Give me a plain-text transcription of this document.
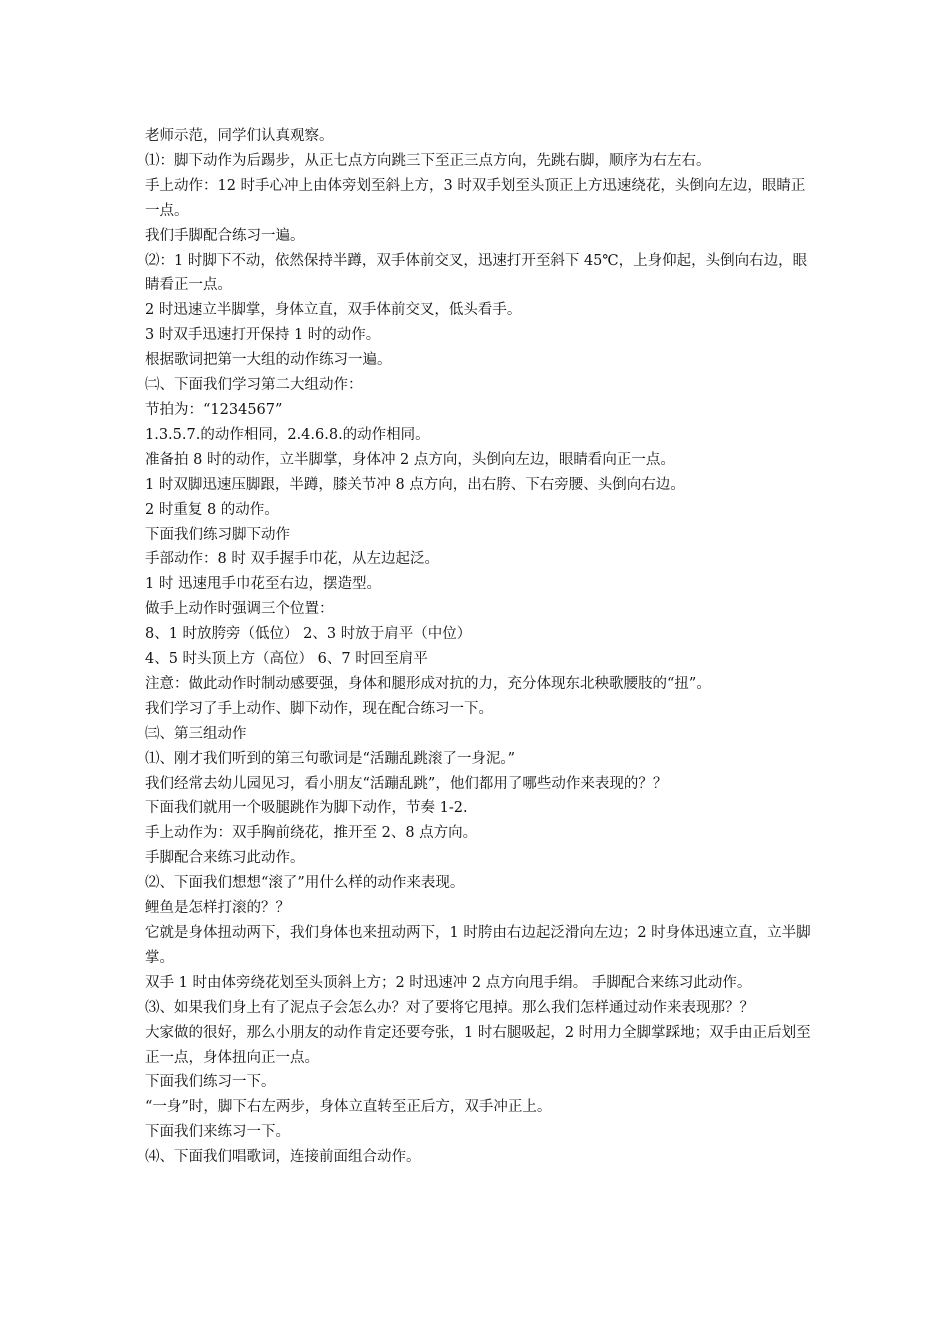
老师示范，同学们认真观察。

⑴：脚下动作为后踢步，从正七点方向跳三下至正三点方向，先跳右脚，顺序为右左右。

手上动作：12 时手心冲上由体旁划至斜上方，3 时双手划至头顶正上方迅速绕花，头倒向左边，眼睛正一点。

我们手脚配合练习一遍。

⑵：1 时脚下不动，依然保持半蹲，双手体前交叉，迅速打开至斜下 45℃，上身仰起，头倒向右边，眼睛看正一点。

2 时迅速立半脚掌，身体立直，双手体前交叉，低头看手。

3 时双手迅速打开保持 1 时的动作。

根据歌词把第一大组的动作练习一遍。

㈡、下面我们学习第二大组动作：

节拍为：“1234567”

1.3.5.7.的动作相同，2.4.6.8.的动作相同。

准备拍 8 时的动作，立半脚掌，身体冲 2 点方向，头倒向左边，眼睛看向正一点。

1 时双脚迅速压脚跟，半蹲，膝关节冲 8 点方向，出右胯、下右旁腰、头倒向右边。

2 时重复 8 的动作。

下面我们练习脚下动作

手部动作：8 时 双手握手巾花，从左边起泛。

1 时 迅速甩手巾花至右边，摆造型。

做手上动作时强调三个位置：

8、1 时放胯旁（低位） 2、3 时放于肩平（中位）

4、5 时头顶上方（高位） 6、7 时回至肩平

注意：做此动作时制动感要强，身体和腿形成对抗的力，充分体现东北秧歌腰肢的“扭”。

我们学习了手上动作、脚下动作，现在配合练习一下。

㈢、第三组动作

⑴、刚才我们听到的第三句歌词是“活蹦乱跳滚了一身泥。”

我们经常去幼儿园见习，看小朋友“活蹦乱跳”，他们都用了哪些动作来表现的？？

下面我们就用一个吸腿跳作为脚下动作，节奏 1-2.

手上动作为：双手胸前绕花，推开至 2、8 点方向。

手脚配合来练习此动作。

⑵、下面我们想想“滚了”用什么样的动作来表现。

鲤鱼是怎样打滚的？？

它就是身体扭动两下，我们身体也来扭动两下，1 时胯由右边起泛滑向左边；2 时身体迅速立直，立半脚掌。

双手 1 时由体旁绕花划至头顶斜上方；2 时迅速冲 2 点方向甩手绢。 手脚配合来练习此动作。

⑶、如果我们身上有了泥点子会怎么办？对了要将它甩掉。那么我们怎样通过动作来表现那？？

大家做的很好，那么小朋友的动作肯定还要夸张，1 时右腿吸起，2 时用力全脚掌踩地；双手由正后划至正一点，身体扭向正一点。

下面我们练习一下。

“一身”时，脚下右左两步，身体立直转至正后方，双手冲正上。

下面我们来练习一下。

⑷、下面我们唱歌词，连接前面组合动作。
